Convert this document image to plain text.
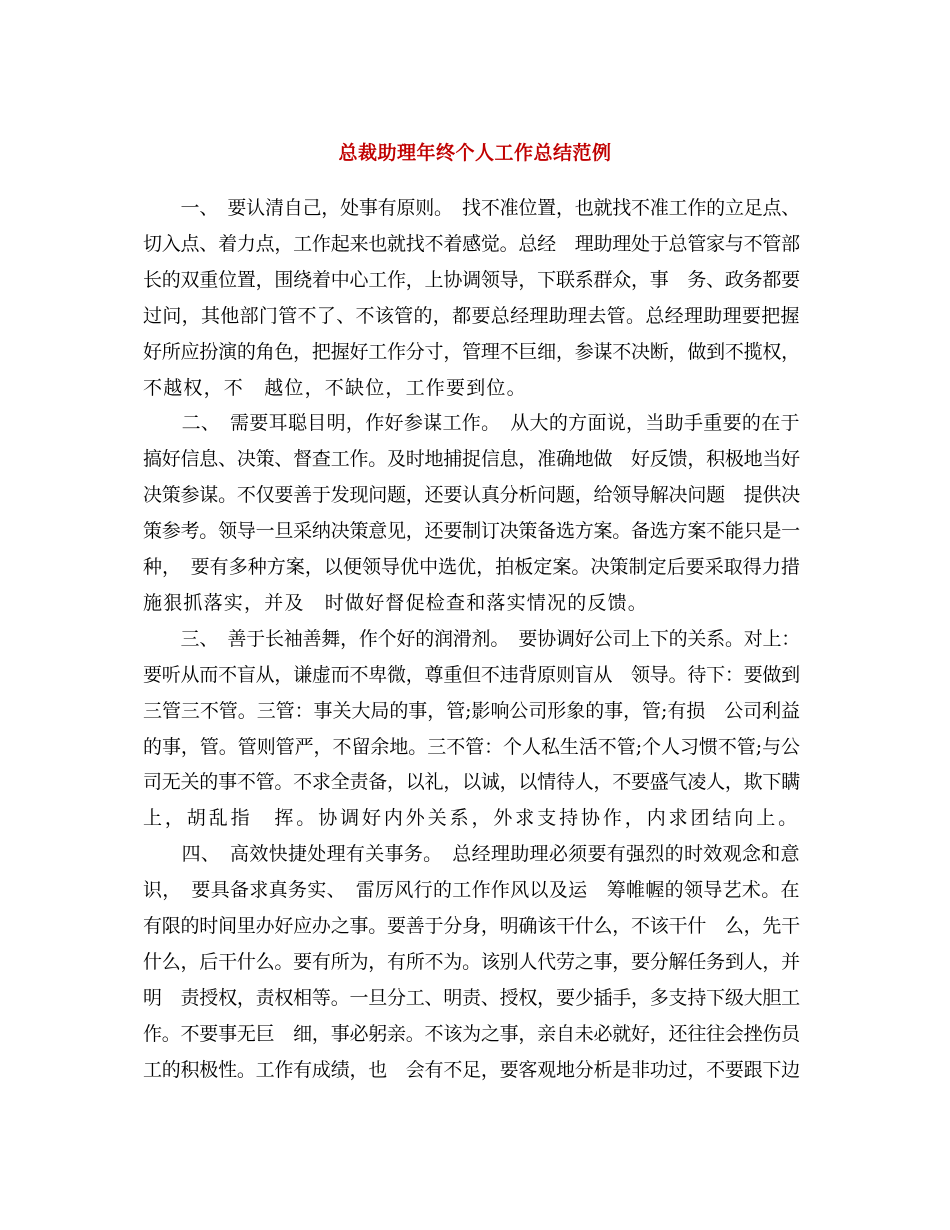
总裁助理年终个人工作总结范例

　　一、　要认清自己，处事有原则。　找不准位置，也就找不准工作的立足点、

切入点、着力点，工作起来也就找不着感觉。总经　理助理处于总管家与不管部

长的双重位置，围绕着中心工作，上协调领导，下联系群众，事　务、政务都要

过问，其他部门管不了、不该管的，都要总经理助理去管。总经理助理要把握

好所应扮演的角色，把握好工作分寸，管理不巨细，参谋不决断，做到不揽权，

不越权，不　越位，不缺位，工作要到位。

　　二、　需要耳聪目明，作好参谋工作。　从大的方面说，当助手重要的在于

搞好信息、决策、督查工作。及时地捕捉信息，准确地做　好反馈，积极地当好

决策参谋。不仅要善于发现问题，还要认真分析问题，给领导解决问题　提供决

策参考。领导一旦采纳决策意见，还要制订决策备选方案。备选方案不能只是一

种，　要有多种方案，以便领导优中选优，拍板定案。决策制定后要采取得力措

施狠抓落实，并及　时做好督促检查和落实情况的反馈。

　　三、　善于长袖善舞，作个好的润滑剂。　要协调好公司上下的关系。对上：

要听从而不盲从，谦虚而不卑微，尊重但不违背原则盲从　领导。待下：要做到

三管三不管。三管：事关大局的事，管;影响公司形象的事，管;有损　公司利益

的事，管。管则管严，不留余地。三不管：个人私生活不管;个人习惯不管;与公

司无关的事不管。不求全责备，以礼，以诚，以情待人，不要盛气凌人，欺下瞒

上，胡乱指　挥。协调好内外关系，外求支持协作，内求团结向上。

　　四、　高效快捷处理有关事务。　总经理助理必须要有强烈的时效观念和意

识，　要具备求真务实、　雷厉风行的工作作风以及运　筹帷幄的领导艺术。在

有限的时间里办好应办之事。要善于分身，明确该干什么，不该干什　么，先干

什么，后干什么。要有所为，有所不为。该别人代劳之事，要分解任务到人，并

明　责授权，责权相等。一旦分工、明责、授权，要少插手，多支持下级大胆工

作。不要事无巨　细，事必躬亲。不该为之事，亲自未必就好，还往往会挫伤员

工的积极性。工作有成绩，也　会有不足，要客观地分析是非功过，不要跟下边
